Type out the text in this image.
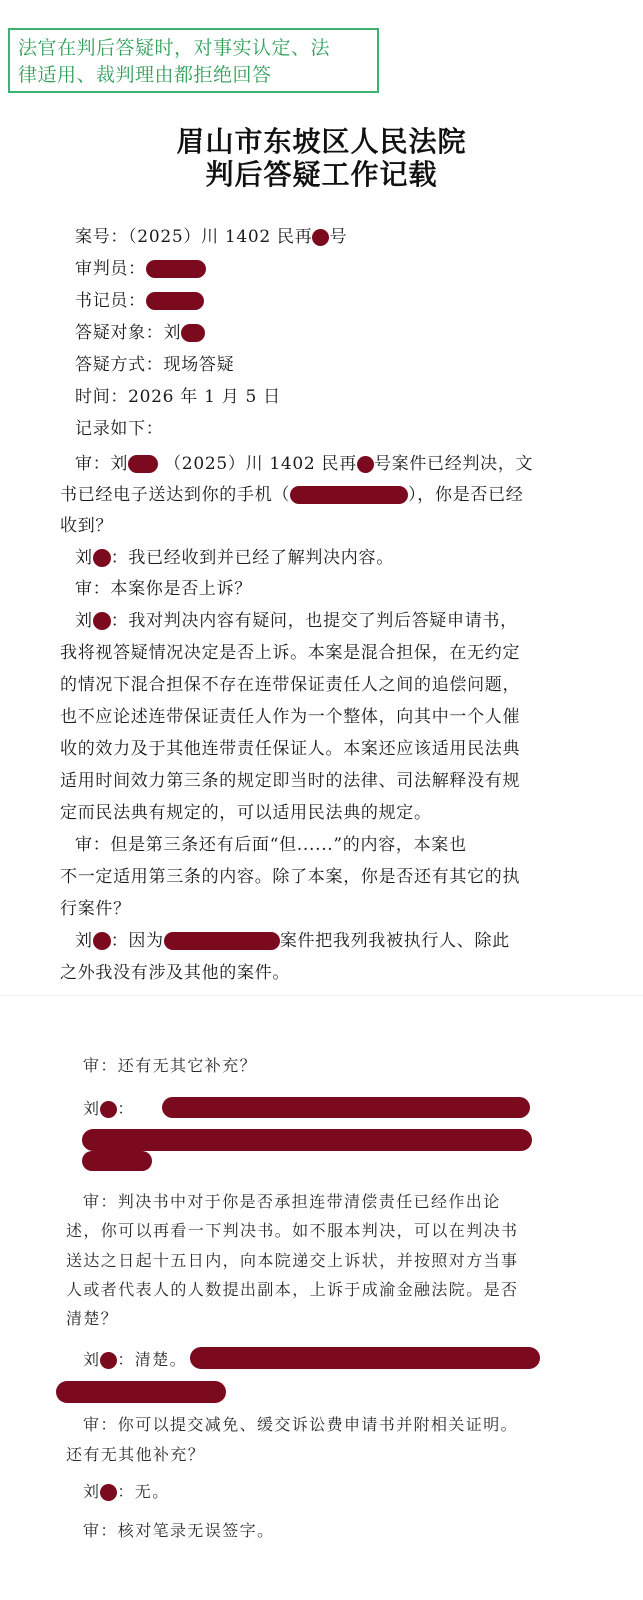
法官在判后答疑时，对事实认定、法
律适用、裁判理由都拒绝回答
眉山市东坡区人民法院
判后答疑工作记载
案号：（2025）川 1402 民再 号
审判员：
书记员：
答疑对象：刘
答疑方式：现场答疑
时间：2026 年 1 月 5 日
记录如下：
审：刘 （2025）川 1402 民再 号案件已经判决，文
书已经电子送达到你的手机（	），你是否已经
收到？
刘 ：我已经收到并已经了解判决内容。
审：本案你是否上诉？
刘 ：我对判决内容有疑问，也提交了判后答疑申请书，
我将视答疑情况决定是否上诉。本案是混合担保，在无约定
的情况下混合担保不存在连带保证责任人之间的追偿问题，
也不应论述连带保证责任人作为一个整体，向其中一个人催
收的效力及于其他连带责任保证人。本案还应该适用民法典
适用时间效力第三条的规定即当时的法律、司法解释没有规
定而民法典有规定的，可以适用民法典的规定。
审：但是第三条还有后面“但......”的内容，本案也
不一定适用第三条的内容。除了本案，你是否还有其它的执
行案件？
刘 ：因为	案件把我列我被执行人、除此
之外我没有涉及其他的案件。
审：还有无其它补充？
刘 ：
审：判决书中对于你是否承担连带清偿责任已经作出论
述，你可以再看一下判决书。如不服本判决，可以在判决书
送达之日起十五日内，向本院递交上诉状，并按照对方当事
人或者代表人的人数提出副本，上诉于成渝金融法院。是否
清楚？
刘 ：清楚。
审：你可以提交减免、缓交诉讼费申请书并附相关证明。
还有无其他补充？
刘 ：无。
审：核对笔录无误签字。
